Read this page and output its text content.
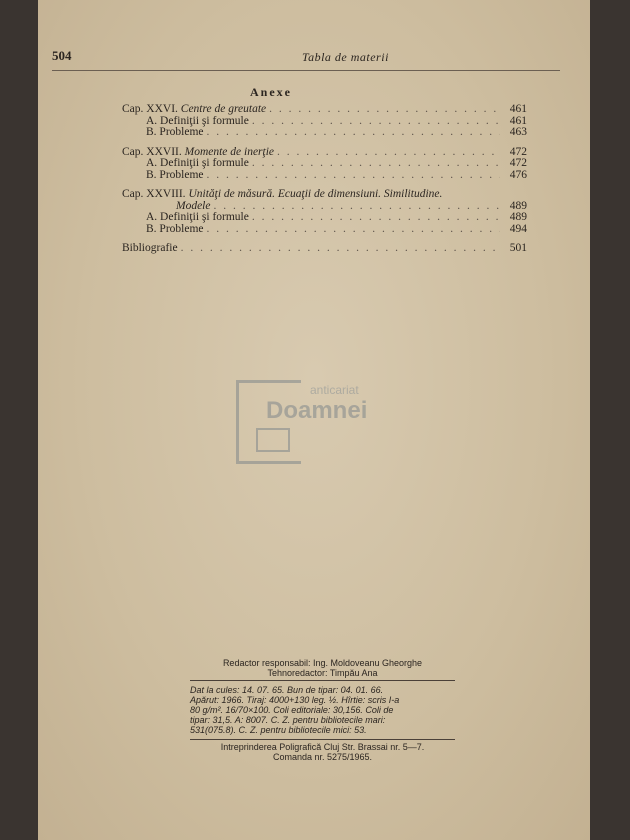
504	Tabla de materii
Anexe
Cap. XXVI. Centre de greutate . . .	461
A. Definiţii şi formule . . .	461
B. Probleme . . .	463
Cap. XXVII. Momente de inerţie . . .	472
A. Definiţii şi formule . . .	472
B. Probleme . . .	476
Cap. XXVIII. Unităţi de măsură. Ecuaţii de dimensiuni. Similitudine.
Modele . . .	489
A. Definiţii şi formule . . .	489
B. Probleme . . .	494
Bibliografie . . .	501
anticariat
Doamnei
Redactor responsabil: Ing. Moldoveanu Gheorghe
Tehnoredactor: Timpău Ana
Dat la cules: 14. 07. 65. Bun de tipar: 04. 01. 66.
Apărut: 1966. Tiraj: 4000+130 leg. ½. Hîrtie: scris I-a
80 g/m². 16/70×100. Coli editoriale: 30,156. Coli de
tipar: 31,5. A: 8007. C. Z. pentru bibliotecile mari:
531(075.8). C. Z. pentru bibliotecile mici: 53.
Intreprinderea Poligrafică Cluj Str. Brassai nr. 5—7.
Comanda nr. 5275/1965.
